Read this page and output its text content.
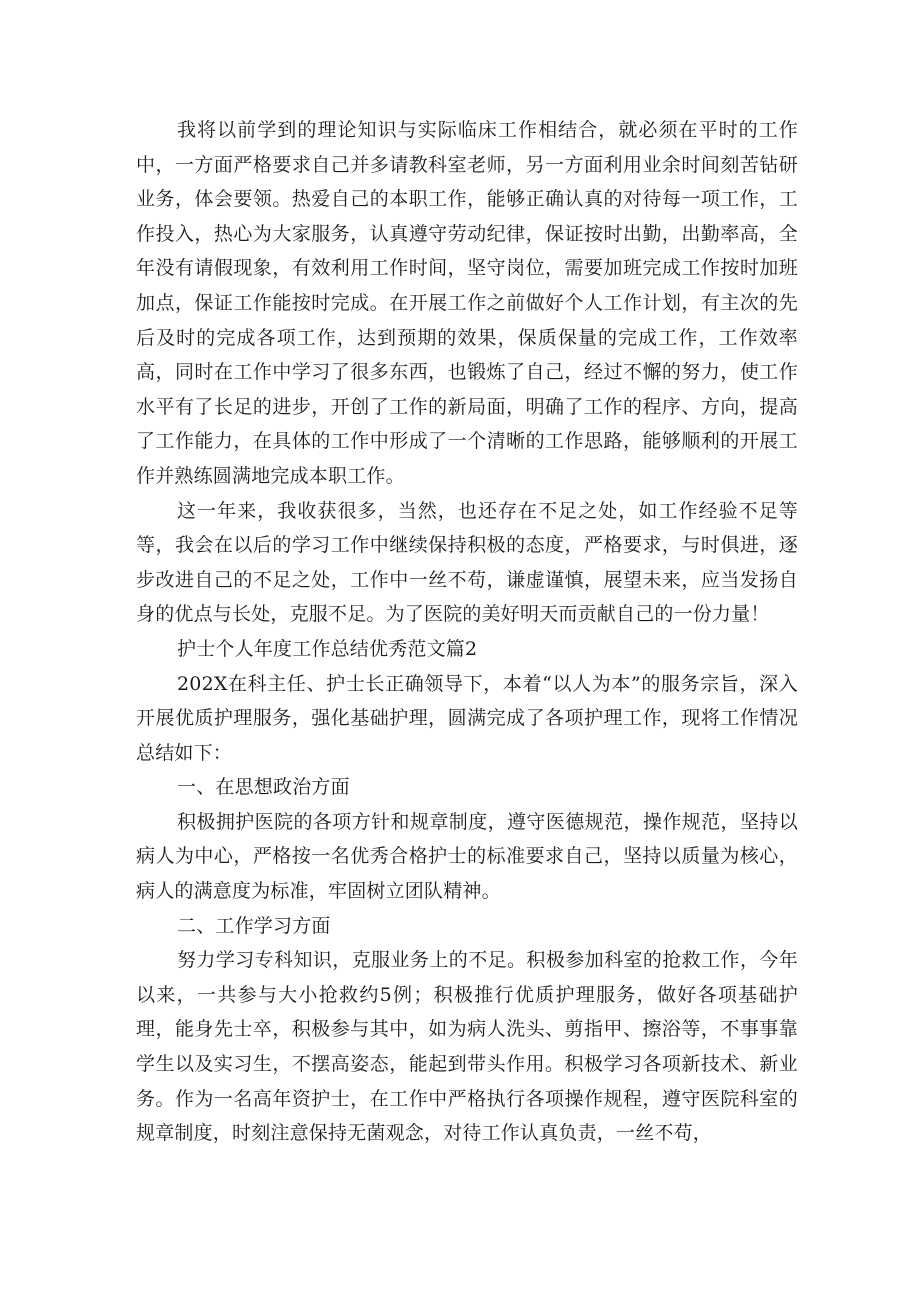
我将以前学到的理论知识与实际临床工作相结合，就必须在平时的工作中，一方面严格要求自己并多请教科室老师，另一方面利用业余时间刻苦钻研业务，体会要领。热爱自己的本职工作，能够正确认真的对待每一项工作，工作投入，热心为大家服务，认真遵守劳动纪律，保证按时出勤，出勤率高，全年没有请假现象，有效利用工作时间，坚守岗位，需要加班完成工作按时加班加点，保证工作能按时完成。在开展工作之前做好个人工作计划，有主次的先后及时的完成各项工作，达到预期的效果，保质保量的完成工作，工作效率高，同时在工作中学习了很多东西，也锻炼了自己，经过不懈的努力，使工作水平有了长足的进步，开创了工作的新局面，明确了工作的程序、方向，提高了工作能力，在具体的工作中形成了一个清晰的工作思路，能够顺利的开展工作并熟练圆满地完成本职工作。

这一年来，我收获很多，当然，也还存在不足之处，如工作经验不足等等，我会在以后的学习工作中继续保持积极的态度，严格要求，与时俱进，逐步改进自己的不足之处，工作中一丝不苟，谦虚谨慎，展望未来，应当发扬自身的优点与长处，克服不足。为了医院的美好明天而贡献自己的一份力量！

护士个人年度工作总结优秀范文篇2

202X在科主任、护士长正确领导下，本着“以人为本”的服务宗旨，深入开展优质护理服务，强化基础护理，圆满完成了各项护理工作，现将工作情况总结如下：

一、在思想政治方面

积极拥护医院的各项方针和规章制度，遵守医德规范，操作规范，坚持以病人为中心，严格按一名优秀合格护士的标准要求自己，坚持以质量为核心，病人的满意度为标准，牢固树立团队精神。

二、工作学习方面

努力学习专科知识，克服业务上的不足。积极参加科室的抢救工作，今年以来，一共参与大小抢救约5例；积极推行优质护理服务，做好各项基础护理，能身先士卒，积极参与其中，如为病人洗头、剪指甲、擦浴等，不事事靠学生以及实习生，不摆高姿态，能起到带头作用。积极学习各项新技术、新业务。作为一名高年资护士，在工作中严格执行各项操作规程，遵守医院科室的规章制度，时刻注意保持无菌观念，对待工作认真负责，一丝不苟，
